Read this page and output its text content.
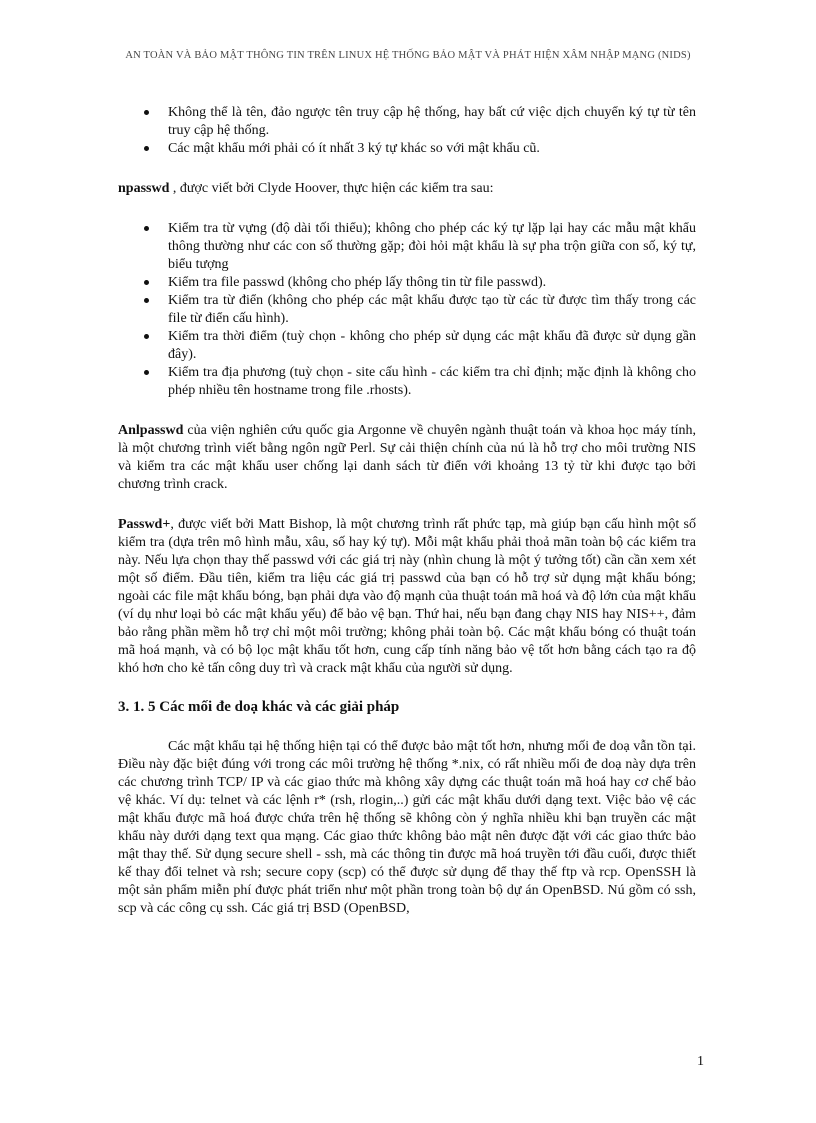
AN TOÀN VÀ BẢO MẬT THÔNG TIN TRÊN LINUX HỆ THỐNG BẢO MẬT VÀ PHÁT HIỆN XÂM NHẬP MẠNG (NIDS)
Không thể là tên, đảo ngược tên truy cập hệ thống, hay bất cứ việc dịch chuyển ký tự từ tên truy cập hệ thống.
Các mật khẩu mới phải có ít nhất 3 ký tự khác so với mật khẩu cũ.

npasswd , được viết bởi Clyde Hoover, thực hiện các kiểm tra sau:

Kiểm tra từ vựng (độ dài tối thiểu); không cho phép các ký tự lặp lại hay các mẫu mật khẩu thông thường như các con số thường gặp; đòi hỏi mật khẩu là sự pha trộn giữa con số, ký tự, biểu tượng
Kiểm tra file passwd (không cho phép lấy thông tin từ file passwd).
Kiểm tra từ điển (không cho phép các mật khẩu được tạo từ các từ được tìm thấy trong các file từ điển cấu hình).
Kiểm tra thời điểm (tuỳ chọn - không cho phép sử dụng các mật khẩu đã được sử dụng gần đây).
Kiểm tra địa phương (tuỳ chọn - site cấu hình - các kiểm tra chỉ định; mặc định là không cho phép nhiều tên hostname trong file .rhosts).

Anlpasswd của viện nghiên cứu quốc gia Argonne về chuyên ngành thuật toán và khoa học máy tính, là một chương trình viết bằng ngôn ngữ Perl. Sự cải thiện chính của nú là hỗ trợ cho môi trường NIS và kiểm tra các mật khẩu user chống lại danh sách từ điển với khoảng 13 tỷ từ khi được tạo bởi chương trình crack.

Passwd+, được viết bởi Matt Bishop, là một chương trình rất phức tạp, mà giúp bạn cấu hình một số kiểm tra (dựa trên mô hình mẫu, xâu, số hay ký tự). Mỗi mật khẩu phải thoả mãn toàn bộ các kiểm tra này. Nếu lựa chọn thay thế passwd với các giá trị này (nhìn chung là một ý tưởng tốt) cần cần xem xét một số điểm. Đầu tiên, kiểm tra liệu các giá trị passwd của bạn có hỗ trợ sử dụng mật khẩu bóng; ngoài các file mật khẩu bóng, bạn phải dựa vào độ mạnh của thuật toán mã hoá và độ lớn của mật khẩu (ví dụ như loại bỏ các mật khẩu yếu) để bảo vệ bạn. Thứ hai, nếu bạn đang chạy NIS hay NIS++, đảm bảo rằng phần mềm hỗ trợ chỉ một môi trường; không phải toàn bộ. Các mật khẩu bóng có thuật toán mã hoá mạnh, và có bộ lọc mật khẩu tốt hơn, cung cấp tính năng bảo vệ tốt hơn bằng cách tạo ra độ khó hơn cho kẻ tấn công duy trì và crack mật khẩu của người sử dụng.

3. 1. 5 Các mối đe doạ khác và các giải pháp

Các mật khẩu tại hệ thống hiện tại có thể được bảo mật tốt hơn, nhưng mối đe doạ vẫn tồn tại. Điều này đặc biệt đúng với trong các môi trường hệ thống *.nix, có rất nhiều mối đe doạ này dựa trên các chương trình TCP/ IP và các giao thức mà không xây dựng các thuật toán mã hoá hay cơ chế bảo vệ khác. Ví dụ: telnet và các lệnh r* (rsh, rlogin,..) gửi các mật khẩu dưới dạng text. Việc bảo vệ các mật khẩu được mã hoá được chứa trên hệ thống sẽ không còn ý nghĩa nhiều khi bạn truyền các mật khẩu này dưới dạng text qua mạng. Các giao thức không bảo mật nên được đặt với các giao thức bảo mật thay thế. Sử dụng secure shell - ssh, mà các thông tin được mã hoá truyền tới đầu cuối, được thiết kế thay đổi telnet và rsh; secure copy (scp) có thể được sử dụng để thay thế ftp và rcp. OpenSSH là một sản phẩm miễn phí được phát triển như một phần trong toàn bộ dự án OpenBSD. Nú gồm có ssh, scp và các công cụ ssh. Các giá trị BSD (OpenBSD,

1
